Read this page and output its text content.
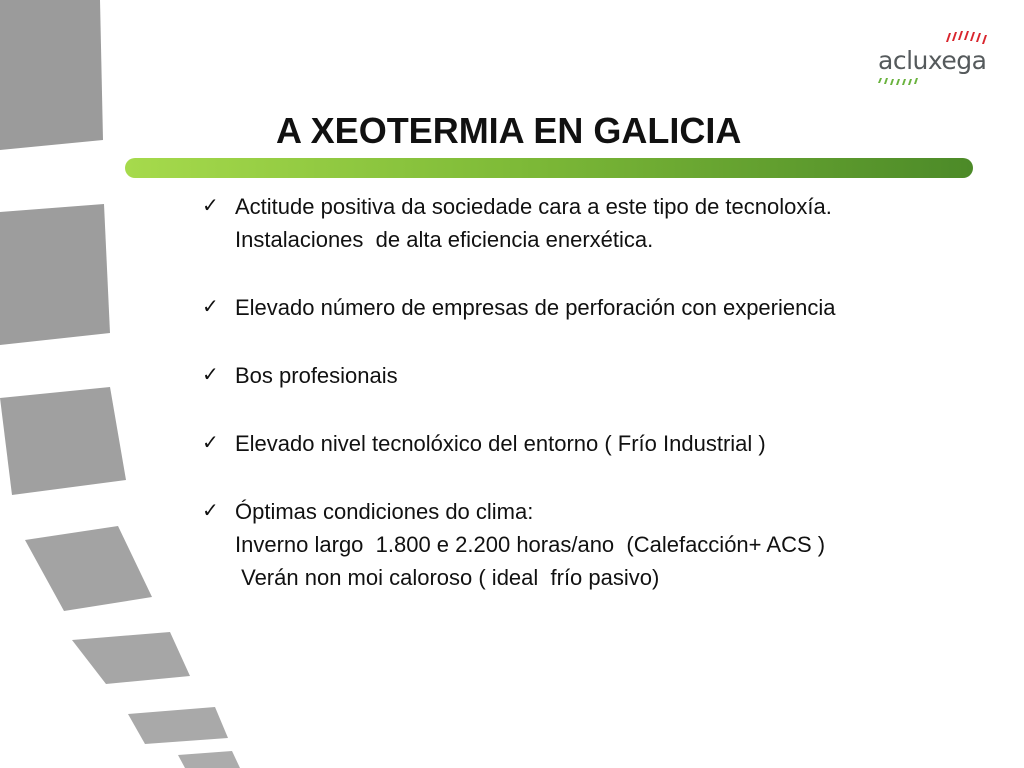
acluxega
A XEOTERMIA EN GALICIA
✓ Actitude positiva da sociedade cara a este tipo de tecnoloxía.
Instalaciones  de alta eficiencia enerxética.
✓ Elevado número de empresas de perforación con experiencia
✓ Bos profesionais
✓ Elevado nivel tecnolóxico del entorno ( Frío Industrial )
✓ Óptimas condiciones do clima:
Inverno largo  1.800 e 2.200 horas/ano  (Calefacción+ ACS )
Verán non moi caloroso ( ideal  frío pasivo)
